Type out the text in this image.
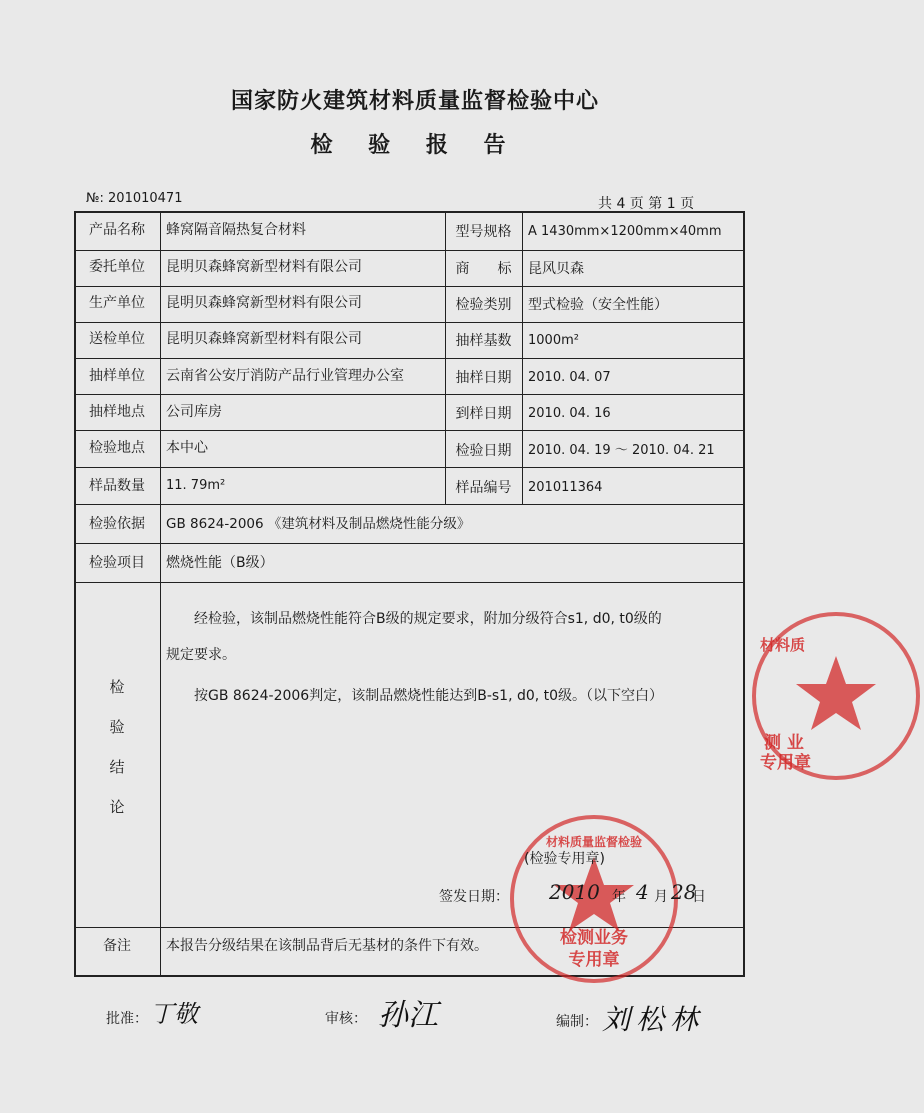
国家防火建筑材料质量监督检验中心
检 验 报 告
№: 201010471	共 4 页 第 1 页
产品名称	蜂窝隔音隔热复合材料	型号规格	A 1430mm×1200mm×40mm
委托单位	昆明贝森蜂窝新型材料有限公司	商　　标	昆风贝森
生产单位	昆明贝森蜂窝新型材料有限公司	检验类别	型式检验（安全性能）
送检单位	昆明贝森蜂窝新型材料有限公司	抽样基数	1000m²
抽样单位	云南省公安厅消防产品行业管理办公室	抽样日期	2010. 04. 07
抽样地点	公司库房	到样日期	2010. 04. 16
检验地点	本中心	检验日期	2010. 04. 19 ～ 2010. 04. 21
样品数量	11. 79m²	样品编号	201011364
检验依据	GB 8624-2006 《建筑材料及制品燃烧性能分级》
检验项目	燃烧性能（B级）
检
验
结
论
经检验，该制品燃烧性能符合B级的规定要求，附加分级符合s1, d0, t0级的
规定要求。
按GB 8624-2006判定，该制品燃烧性能达到B-s1, d0, t0级。（以下空白）
材料质量监督检验
检测业务
专用章
(检验专用章)
签发日期： 2010 年 4 月 28
日
备注	本报告分级结果在该制品背后无基材的条件下有效。
材料质
测 业
专用章
批准： 丁敬	审核： 孙江	编制： 刘松林
